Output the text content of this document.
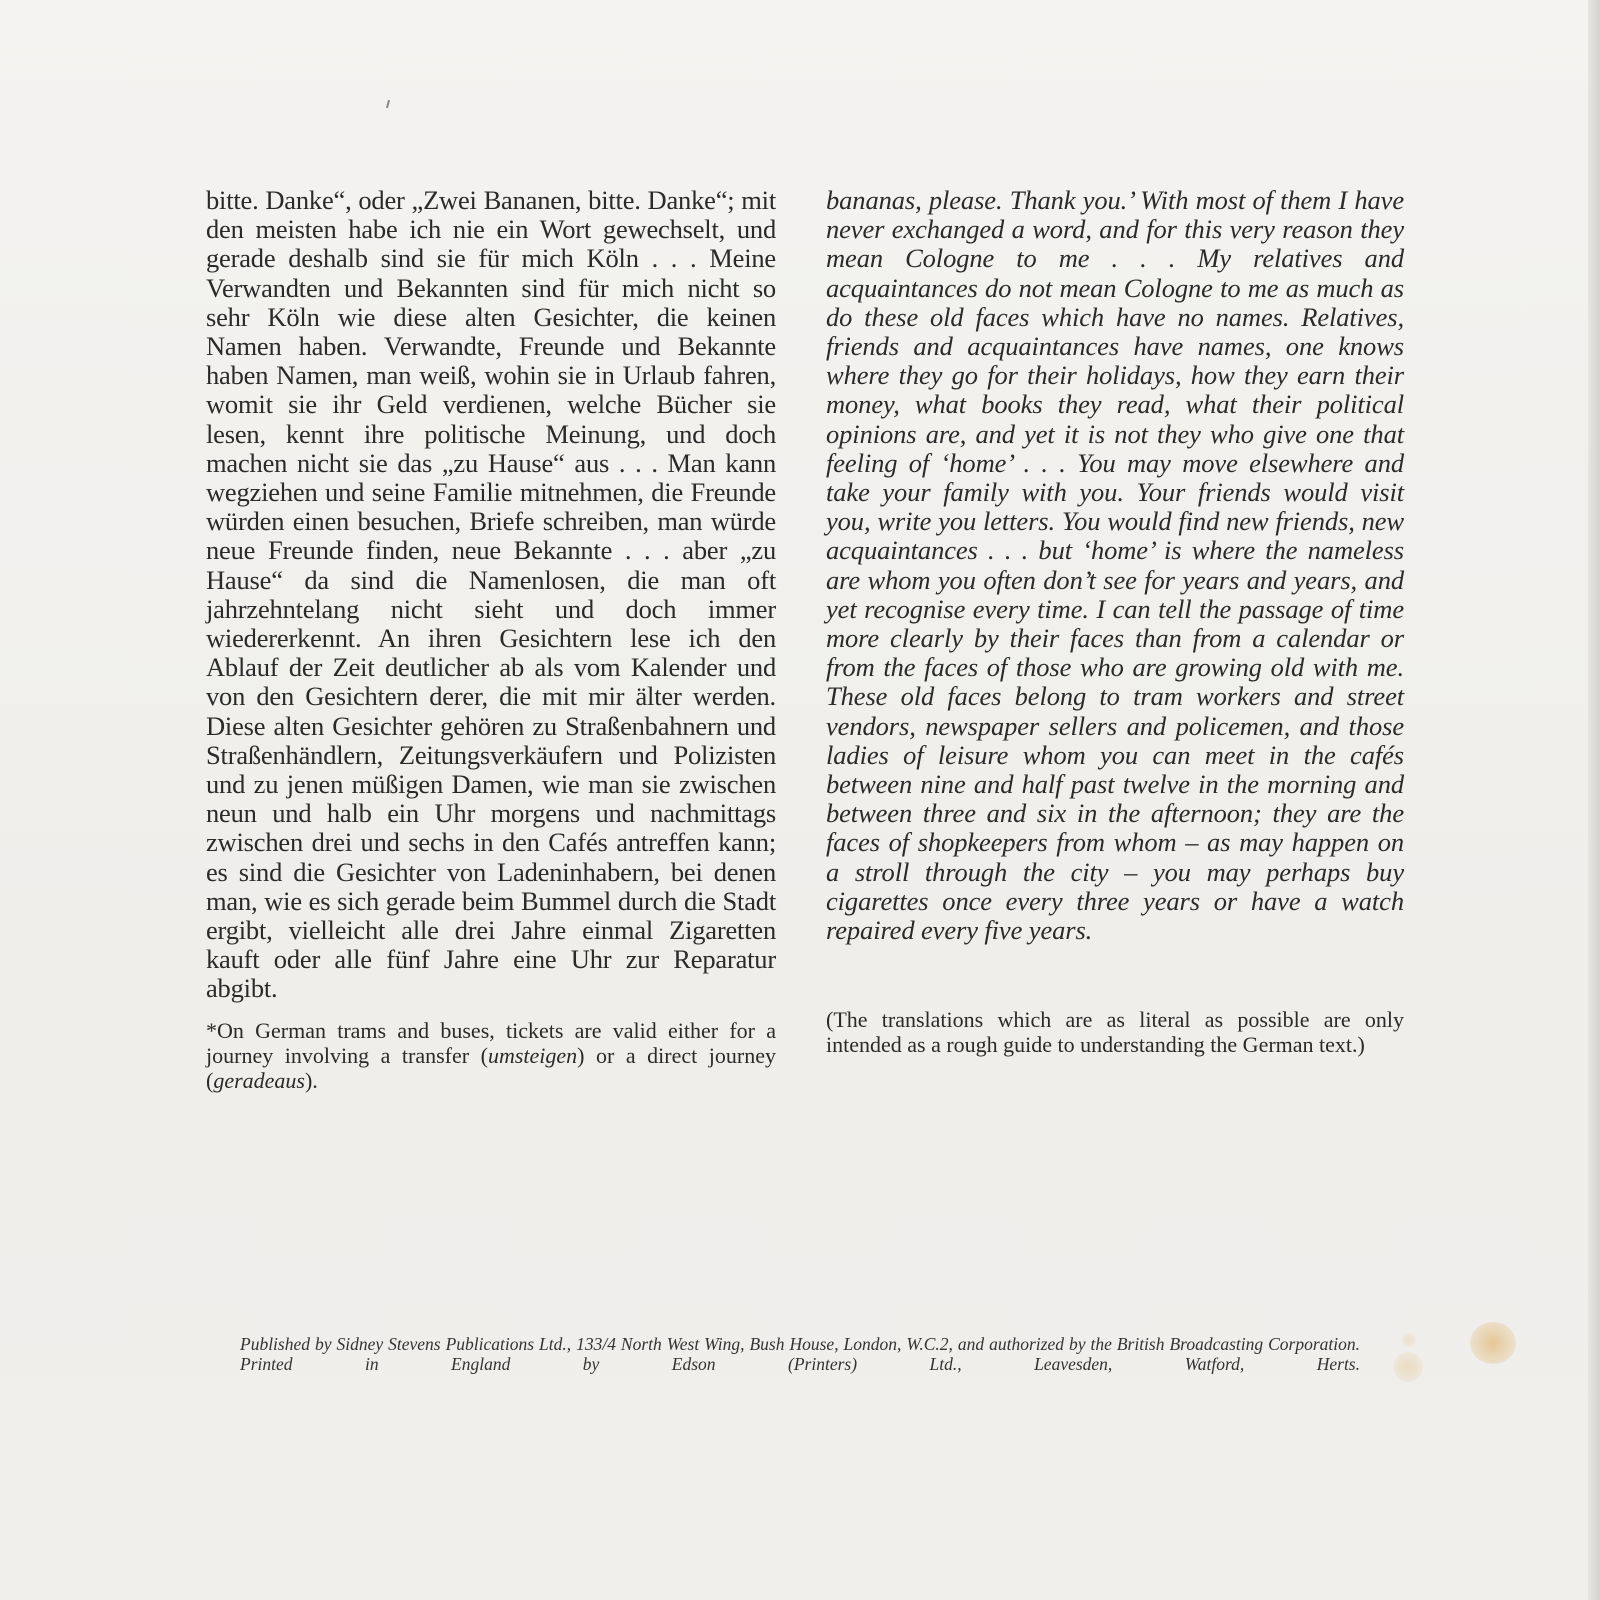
bitte. Danke“, oder „Zwei Bananen, bitte. Danke“; mit den meisten habe ich nie ein Wort gewechselt, und gerade deshalb sind sie für mich Köln . . . Meine Verwandten und Bekannten sind für mich nicht so sehr Köln wie diese alten Gesichter, die keinen Namen haben. Verwandte, Freunde und Bekannte haben Namen, man weiß, wohin sie in Urlaub fahren, womit sie ihr Geld verdienen, welche Bücher sie lesen, kennt ihre politische Meinung, und doch machen nicht sie das „zu Hause“ aus . . . Man kann wegziehen und seine Familie mitnehmen, die Freunde würden einen besuchen, Briefe schreiben, man würde neue Freunde finden, neue Bekannte . . . aber „zu Hause“ da sind die Namenlosen, die man oft jahrzehntelang nicht sieht und doch immer wiedererkennt. An ihren Gesichtern lese ich den Ablauf der Zeit deutlicher ab als vom Kalender und von den Gesichtern derer, die mit mir älter werden. Diese alten Gesichter gehören zu Straßenbahnern und Straßenhändlern, Zeitungsverkäufern und Polizisten und zu jenen müßigen Damen, wie man sie zwischen neun und halb ein Uhr morgens und nachmittags zwischen drei und sechs in den Cafés antreffen kann; es sind die Gesichter von Ladeninhabern, bei denen man, wie es sich gerade beim Bummel durch die Stadt ergibt, vielleicht alle drei Jahre einmal Zigaretten kauft oder alle fünf Jahre eine Uhr zur Reparatur abgibt.

*On German trams and buses, tickets are valid either for a journey involving a transfer (umsteigen) or a direct journey (geradeaus).

bananas, please. Thank you.’ With most of them I have never exchanged a word, and for this very reason they mean Cologne to me . . . My relatives and acquaintances do not mean Cologne to me as much as do these old faces which have no names. Relatives, friends and acquaintances have names, one knows where they go for their holidays, how they earn their money, what books they read, what their political opinions are, and yet it is not they who give one that feeling of ‘home’ . . . You may move elsewhere and take your family with you. Your friends would visit you, write you letters. You would find new friends, new acquaintances . . . but ‘home’ is where the nameless are whom you often don’t see for years and years, and yet recognise every time. I can tell the passage of time more clearly by their faces than from a calendar or from the faces of those who are growing old with me. These old faces belong to tram workers and street vendors, newspaper sellers and policemen, and those ladies of leisure whom you can meet in the cafés between nine and half past twelve in the morning and between three and six in the afternoon; they are the faces of shopkeepers from whom – as may happen on a stroll through the city – you may perhaps buy cigarettes once every three years or have a watch repaired every five years.

(The translations which are as literal as possible are only intended as a rough guide to understanding the German text.)

Published by Sidney Stevens Publications Ltd., 133/4 North West Wing, Bush House, London, W.C.2, and authorized by the British Broadcasting Corporation. Printed in England by Edson (Printers) Ltd., Leavesden, Watford, Herts.
